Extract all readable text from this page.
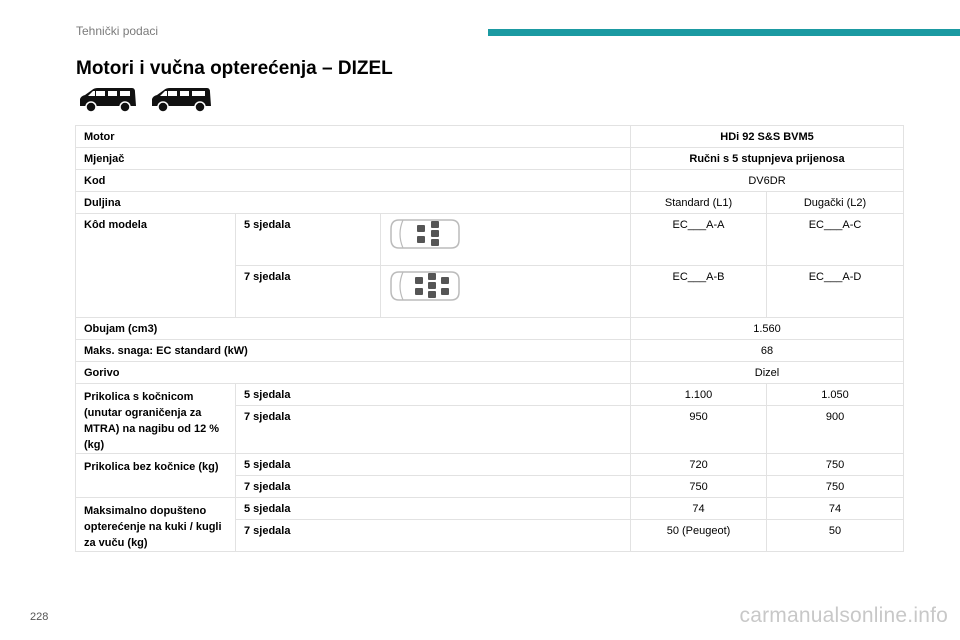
Tehnički podaci
Motori i vučna opterećenja – DIZEL
Motor			HDi 92 S&S BVM5	
Mjenjač			Ručni s 5 stupnjeva prijenosa	
Kod			DV6DR	
Duljina			Standard (L1)	Dugački (L2)
Kôd modela	5 sjedala		EC___A-A	EC___A-C
	7 sjedala		EC___A-B	EC___A-D
Obujam (cm3)			1.560	
Maks. snaga: EC standard (kW)			68	
Gorivo			Dizel	
Prikolica s kočnicom (unutar ograničenja za MTRA) na nagibu od 12 % (kg)	5 sjedala		1.100	1.050
	7 sjedala		950	900
Prikolica bez kočnice (kg)	5 sjedala		720	750
	7 sjedala		750	750
Maksimalno dopušteno opterećenje na kuki / kugli za vuču (kg)	5 sjedala		74	74
	7 sjedala		50 (Peugeot)	50
228	carmanualsonline.info
